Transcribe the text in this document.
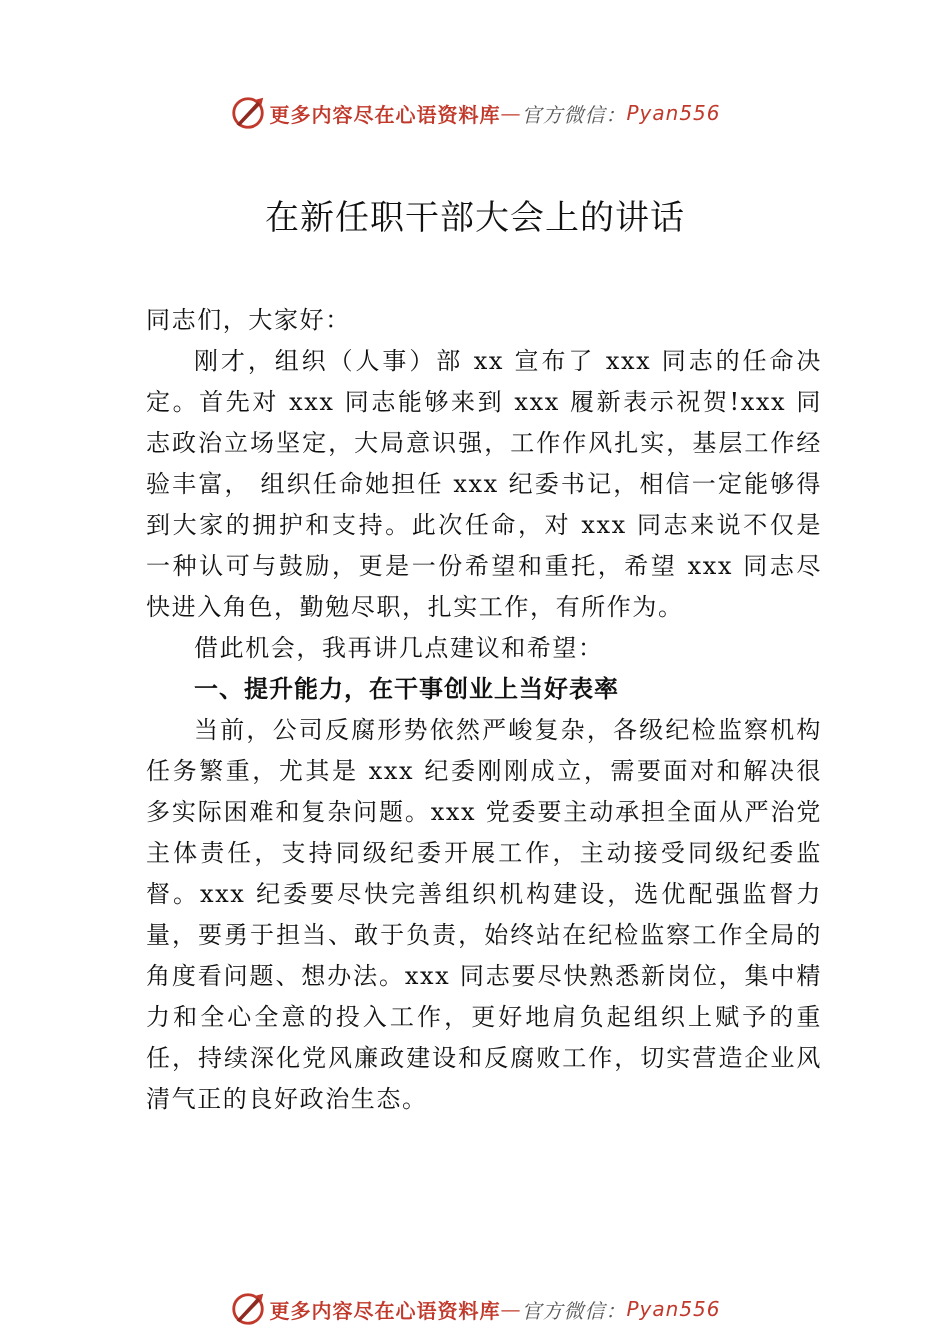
更多内容尽在心语资料库 — 官方微信： Pyan556
在新任职干部大会上的讲话

同志们，大家好：

刚才，组织（人事）部 xx 宣布了 xxx 同志的任命决定。首先对 xxx 同志能够来到 xxx 履新表示祝贺!xxx 同志政治立场坚定，大局意识强，工作作风扎实，基层工作经验丰富， 组织任命她担任 xxx 纪委书记，相信一定能够得到大家的拥护和支持。此次任命，对 xxx 同志来说不仅是一种认可与鼓励，更是一份希望和重托，希望 xxx 同志尽快进入角色，勤勉尽职，扎实工作，有所作为。

借此机会，我再讲几点建议和希望：

一、提升能力，在干事创业上当好表率

当前，公司反腐形势依然严峻复杂，各级纪检监察机构任务繁重，尤其是 xxx 纪委刚刚成立，需要面对和解决很多实际困难和复杂问题。xxx 党委要主动承担全面从严治党主体责任，支持同级纪委开展工作，主动接受同级纪委监督。xxx 纪委要尽快完善组织机构建设，选优配强监督力量，要勇于担当、敢于负责，始终站在纪检监察工作全局的角度看问题、想办法。xxx 同志要尽快熟悉新岗位，集中精力和全心全意的投入工作，更好地肩负起组织上赋予的重任，持续深化党风廉政建设和反腐败工作，切实营造企业风清气正的良好政治生态。

更多内容尽在心语资料库 — 官方微信： Pyan556
